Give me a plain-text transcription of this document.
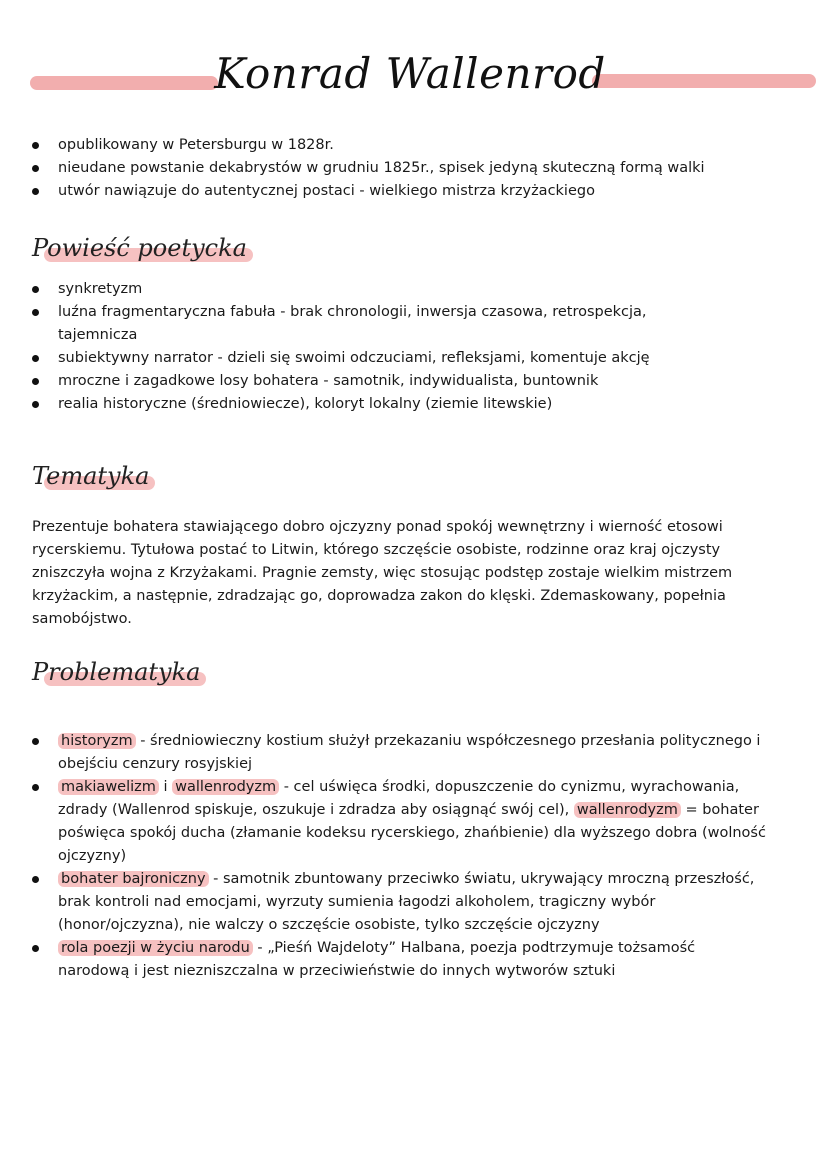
Konrad Wallenrod
opublikowany w Petersburgu w 1828r.
nieudane powstanie dekabrystów w grudniu 1825r., spisek jedyną skuteczną formą walki
utwór nawiązuje do autentycznej postaci - wielkiego mistrza krzyżackiego
Powieść poetycka
synkretyzm
luźna fragmentaryczna fabuła - brak chronologii, inwersja czasowa, retrospekcja, tajemnicza
subiektywny narrator - dzieli się swoimi odczuciami, refleksjami, komentuje akcję
mroczne i zagadkowe losy bohatera - samotnik, indywidualista, buntownik
realia historyczne (średniowiecze), koloryt lokalny (ziemie litewskie)
Tematyka
Prezentuje bohatera stawiającego dobro ojczyzny ponad spokój wewnętrzny i wierność etosowi rycerskiemu. Tytułowa postać to Litwin, którego szczęście osobiste, rodzinne oraz kraj ojczysty zniszczyła wojna z Krzyżakami. Pragnie zemsty, więc stosując podstęp zostaje wielkim mistrzem krzyżackim, a następnie, zdradzając go, doprowadza zakon do klęski. Zdemaskowany, popełnia samobójstwo.
Problematyka
historyzm - średniowieczny kostium służył przekazaniu współczesnego przesłania politycznego i obejściu cenzury rosyjskiej
makiawelizm i wallenrodyzm - cel uświęca środki, dopuszczenie do cynizmu, wyrachowania, zdrady (Wallenrod spiskuje, oszukuje i zdradza aby osiągnąć swój cel), wallenrodyzm = bohater poświęca spokój ducha (złamanie kodeksu rycerskiego, zhańbienie) dla wyższego dobra (wolność ojczyzny)
bohater bajroniczny - samotnik zbuntowany przeciwko światu, ukrywający mroczną przeszłość, brak kontroli nad emocjami, wyrzuty sumienia łagodzi alkoholem, tragiczny wybór (honor/ojczyzna), nie walczy o szczęście osobiste, tylko szczęście ojczyzny
rola poezji w życiu narodu - „Pieśń Wajdeloty” Halbana, poezja podtrzymuje tożsamość narodową i jest niezniszczalna w przeciwieństwie do innych wytworów sztuki
